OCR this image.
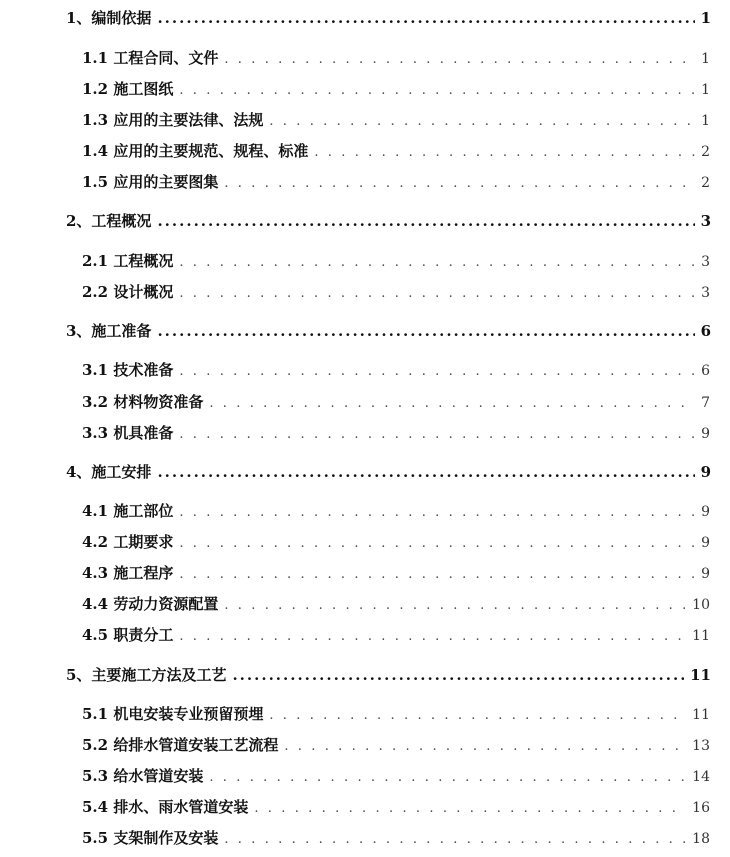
1、编制依据 .....	1
1.1 工程合同、文件 . . .	1
1.2 施工图纸 . . .	1
1.3 应用的主要法律、法规 . . .	1
1.4 应用的主要规范、规程、标准 . . .	2
1.5 应用的主要图集 . . .	2
2、工程概况 .....	3
2.1 工程概况 . . .	3
2.2 设计概况 . . .	3
3、施工准备 .....	6
3.1 技术准备 . . .	6
3.2 材料物资准备 . . .	7
3.3 机具准备 . . .	9
4、施工安排 .....	9
4.1 施工部位 . . .	9
4.2 工期要求 . . .	9
4.3 施工程序 . . .	9
4.4 劳动力资源配置 . . .	10
4.5 职责分工 . . .	11
5、主要施工方法及工艺 .....	11
5.1 机电安装专业预留预埋 . . .	11
5.2 给排水管道安装工艺流程 . . .	13
5.3 给水管道安装 . . .	14
5.4 排水、雨水管道安装 . . .	16
5.5 支架制作及安装 . . .	18
